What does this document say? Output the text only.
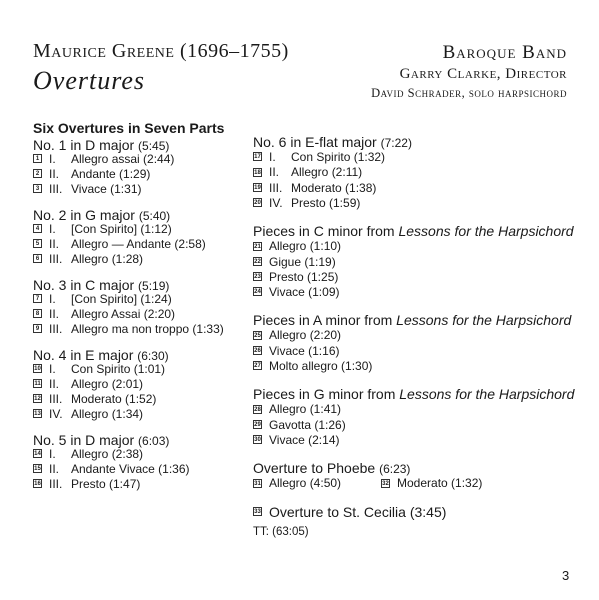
Maurice Greene (1696–1755)
Overtures
Baroque Band
Garry Clarke, Director
David Schrader, solo harpsichord
Six Overtures in Seven Parts
No. 1 in D major (5:45)
1 I. Allegro assai (2:44)
2 II. Andante (1:29)
3 III. Vivace (1:31)
No. 2 in G major (5:40)
4 I. [Con Spirito] (1:12)
5 II. Allegro — Andante (2:58)
6 III. Allegro (1:28)
No. 3 in C major (5:19)
7 I. [Con Spirito] (1:24)
8 II. Allegro Assai (2:20)
9 III. Allegro ma non troppo (1:33)
No. 4 in E major (6:30)
10 I. Con Spirito (1:01)
11 II. Allegro (2:01)
12 III. Moderato (1:52)
13 IV. Allegro (1:34)
No. 5 in D major (6:03)
14 I. Allegro (2:38)
15 II. Andante Vivace (1:36)
16 III. Presto (1:47)
No. 6 in E-flat major (7:22)
17 I. Con Spirito (1:32)
18 II. Allegro (2:11)
19 III. Moderato (1:38)
20 IV. Presto (1:59)
Pieces in C minor from Lessons for the Harpsichord
21 Allegro (1:10)
22 Gigue (1:19)
23 Presto (1:25)
24 Vivace (1:09)
Pieces in A minor from Lessons for the Harpsichord
25 Allegro (2:20)
26 Vivace (1:16)
27 Molto allegro (1:30)
Pieces in G minor from Lessons for the Harpsichord
28 Allegro (1:41)
29 Gavotta (1:26)
30 Vivace (2:14)
Overture to Phoebe (6:23)
31 Allegro (4:50)	32 Moderato (1:32)
33 Overture to St. Cecilia (3:45)
TT: (63:05)
3
